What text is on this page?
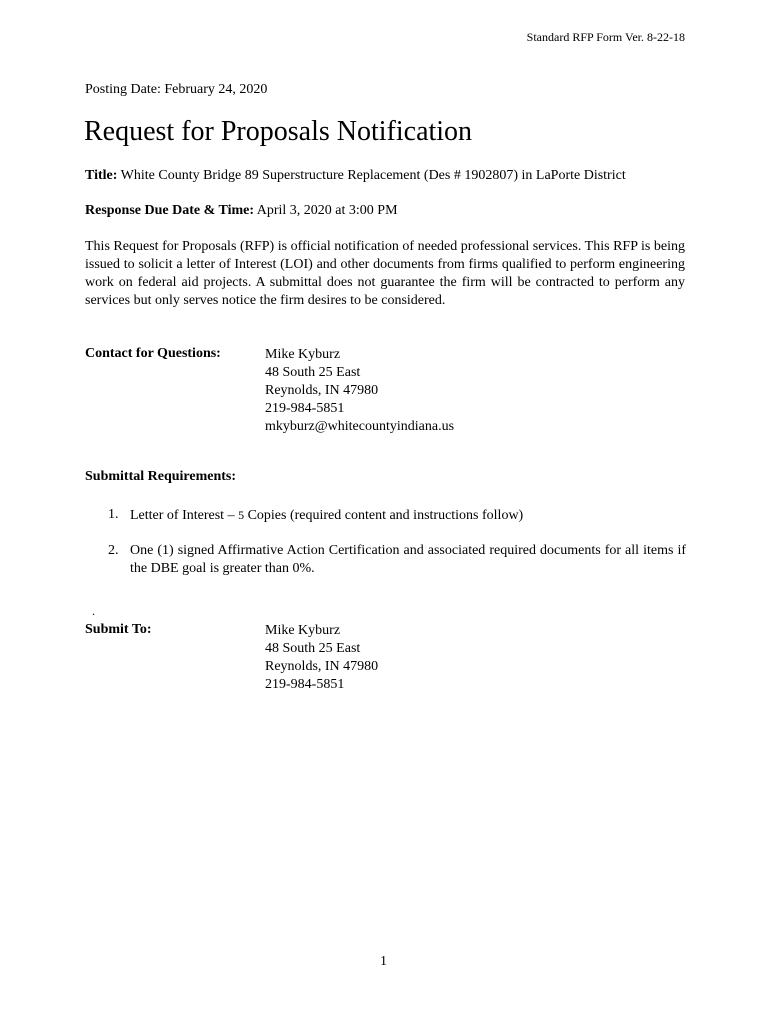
Standard RFP Form Ver. 8-22-18
Posting Date: February 24, 2020
Request for Proposals Notification
Title: White County Bridge 89 Superstructure Replacement (Des # 1902807) in LaPorte District
Response Due Date & Time: April 3, 2020 at 3:00 PM

This Request for Proposals (RFP) is official notification of needed professional services. This RFP is being issued to solicit a letter of Interest (LOI) and other documents from firms qualified to perform engineering work on federal aid projects. A submittal does not guarantee the firm will be contracted to perform any services but only serves notice the firm desires to be considered.

Contact for Questions:	Mike Kyburz
48 South 25 East
Reynolds, IN 47980
219-984-5851
mkyburz@whitecountyindiana.us
Submittal Requirements:
1. Letter of Interest – 5 Copies (required content and instructions follow)
2. One (1) signed Affirmative Action Certification and associated required documents for all items if the DBE goal is greater than 0%.
.
Submit To:	Mike Kyburz
48 South 25 East
Reynolds, IN 47980
219-984-5851
1
